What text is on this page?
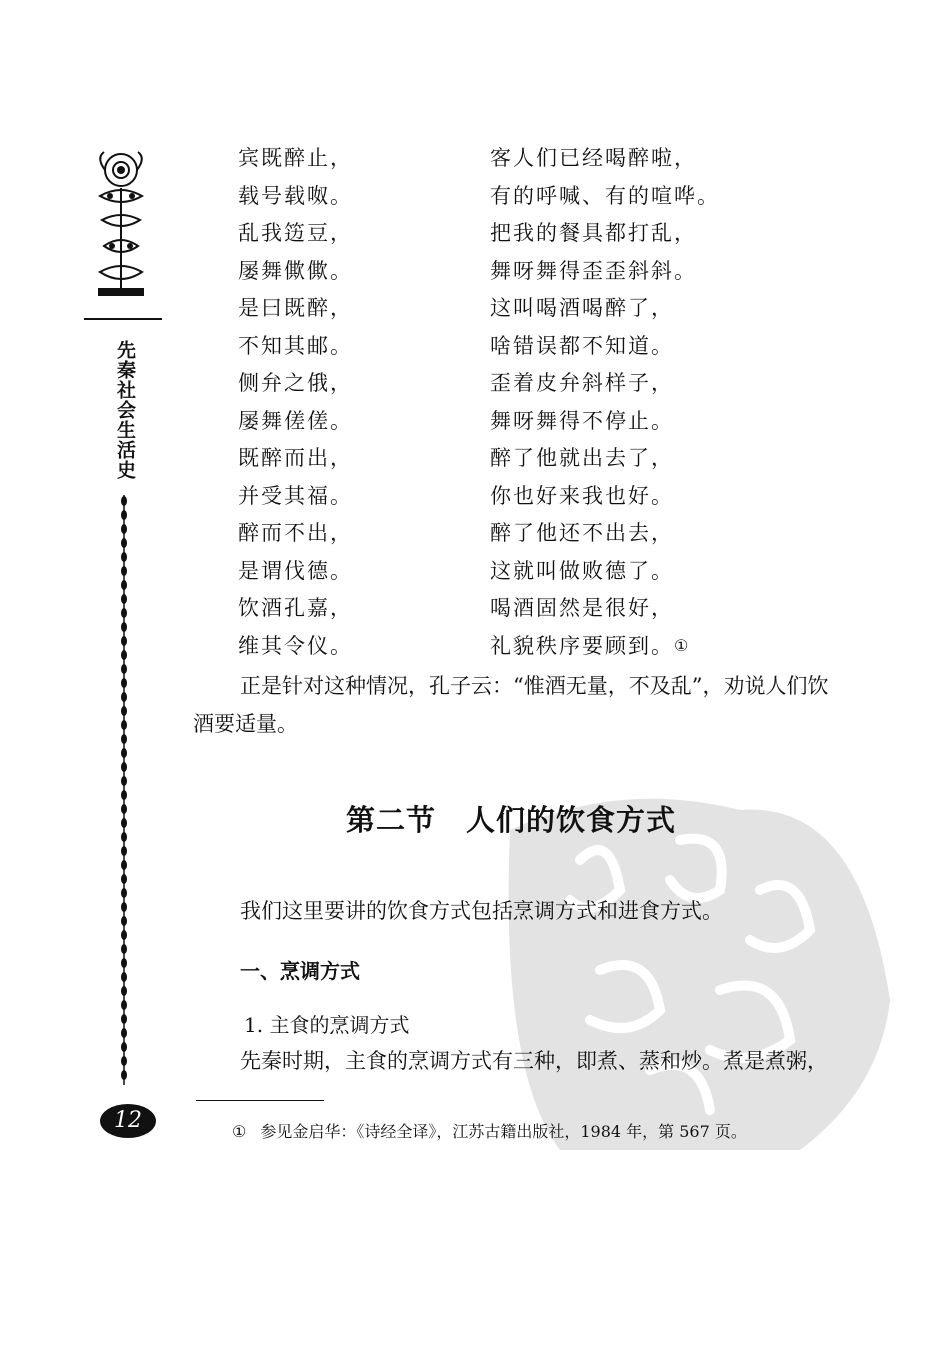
先秦社会生活史
12
宾既醉止，	客人们已经喝醉啦，
载号载呶。	有的呼喊、有的喧哗。
乱我笾豆，	把我的餐具都打乱，
屡舞僛僛。	舞呀舞得歪歪斜斜。
是曰既醉，	这叫喝酒喝醉了，
不知其邮。	啥错误都不知道。
侧弁之俄，	歪着皮弁斜样子，
屡舞傞傞。	舞呀舞得不停止。
既醉而出，	醉了他就出去了，
并受其福。	你也好来我也好。
醉而不出，	醉了他还不出去，
是谓伐德。	这就叫做败德了。
饮酒孔嘉，	喝酒固然是很好，
维其令仪。	礼貌秩序要顾到。①
正是针对这种情况，孔子云：“惟酒无量，不及乱”，劝说人们饮
酒要适量。
第二节　人们的饮食方式
我们这里要讲的饮食方式包括烹调方式和进食方式。
一、烹调方式
1. 主食的烹调方式
先秦时期，主食的烹调方式有三种，即煮、蒸和炒。煮是煮粥，
① 参见金启华：《诗经全译》，江苏古籍出版社，1984 年，第 567 页。
